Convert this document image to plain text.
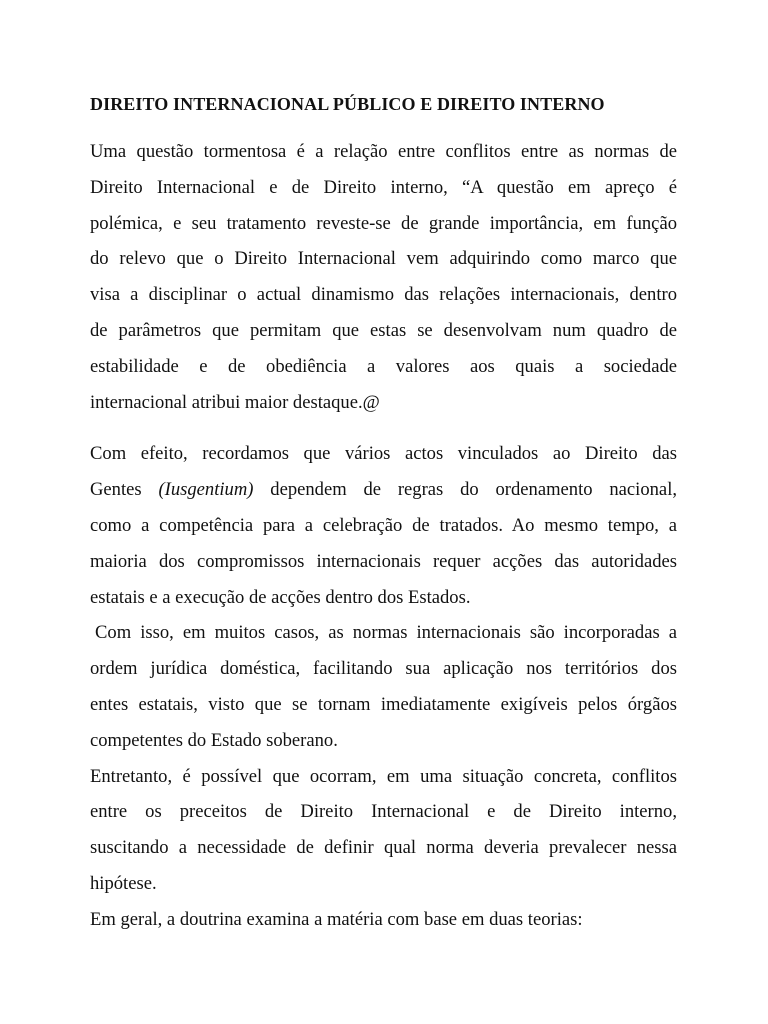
DIREITO INTERNACIONAL PÚBLICO E DIREITO INTERNO
Uma questão tormentosa é a relação entre conflitos entre as normas de
Direito Internacional e de Direito interno, “A questão em apreço é
polémica, e seu tratamento reveste-se de grande importância, em função
do relevo que o Direito Internacional vem adquirindo como marco que
visa a disciplinar o actual dinamismo das relações internacionais, dentro
de parâmetros que permitam que estas se desenvolvam num quadro de
estabilidade e de obediência a valores aos quais a sociedade
internacional atribui maior destaque.@
Com efeito, recordamos que vários actos vinculados ao Direito das
Gentes (Iusgentium) dependem de regras do ordenamento nacional,
como a competência para a celebração de tratados. Ao mesmo tempo, a
maioria dos compromissos internacionais requer acções das autoridades
estatais e a execução de acções dentro dos Estados.
Com isso, em muitos casos, as normas internacionais são incorporadas a
ordem jurídica doméstica, facilitando sua aplicação nos territórios dos
entes estatais, visto que se tornam imediatamente exigíveis pelos órgãos
competentes do Estado soberano.
Entretanto, é possível que ocorram, em uma situação concreta, conflitos
entre os preceitos de Direito Internacional e de Direito interno,
suscitando a necessidade de definir qual norma deveria prevalecer nessa
hipótese.
Em geral, a doutrina examina a matéria com base em duas teorias:
